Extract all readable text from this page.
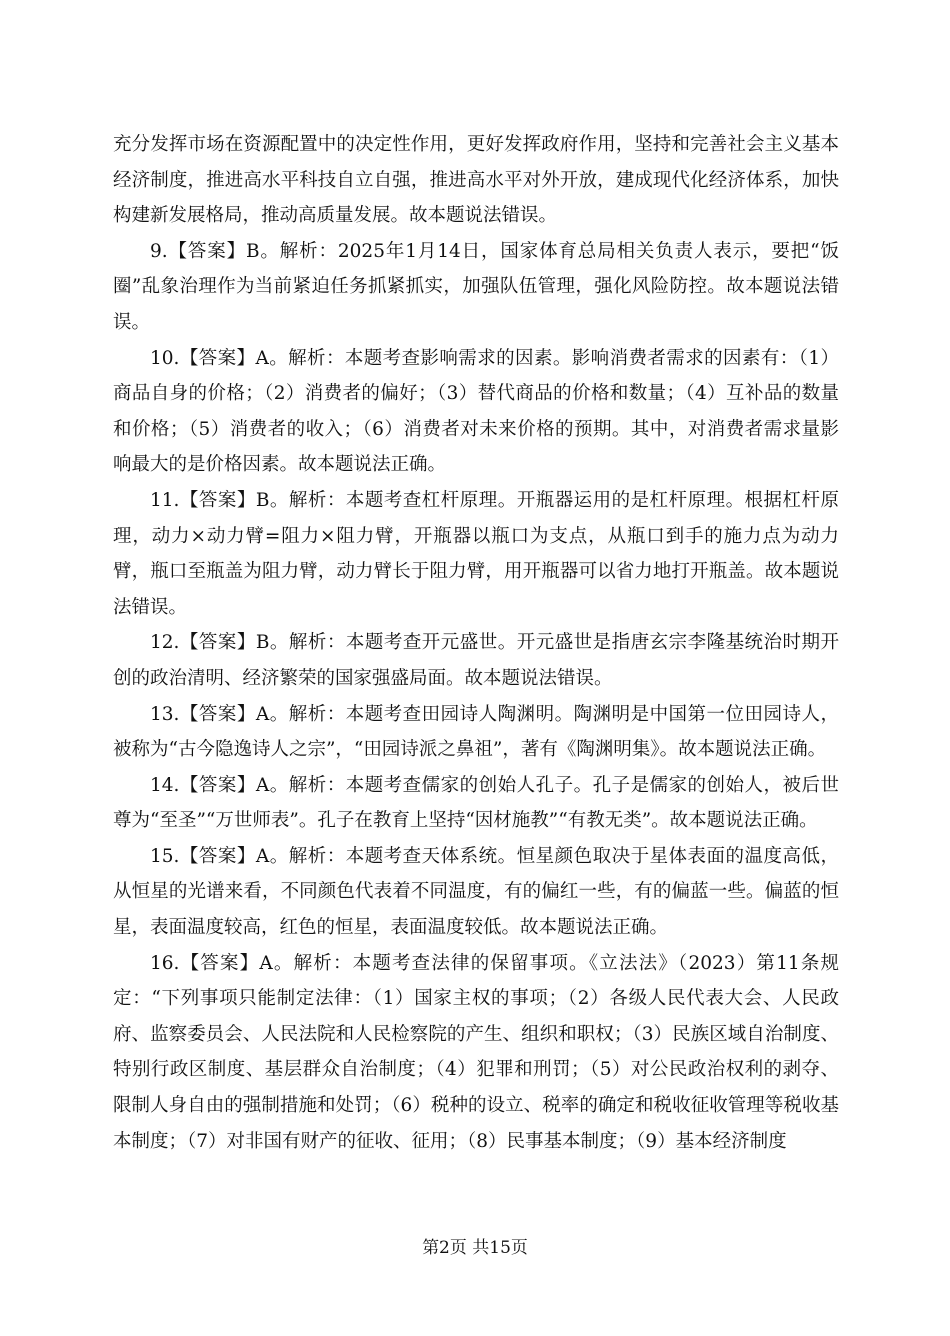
充分发挥市场在资源配置中的决定性作用，更好发挥政府作用，坚持和完善社会主义基本经济制度，推进高水平科技自立自强，推进高水平对外开放，建成现代化经济体系，加快构建新发展格局，推动高质量发展。故本题说法错误。

9.【答案】B。解析：2025年1月14日，国家体育总局相关负责人表示，要把“饭圈”乱象治理作为当前紧迫任务抓紧抓实，加强队伍管理，强化风险防控。故本题说法错误。

10.【答案】A。解析：本题考查影响需求的因素。影响消费者需求的因素有：（1）商品自身的价格；（2）消费者的偏好；（3）替代商品的价格和数量；（4）互补品的数量和价格；（5）消费者的收入；（6）消费者对未来价格的预期。其中，对消费者需求量影响最大的是价格因素。故本题说法正确。

11.【答案】B。解析：本题考查杠杆原理。开瓶器运用的是杠杆原理。根据杠杆原理，动力×动力臂=阻力×阻力臂，开瓶器以瓶口为支点，从瓶口到手的施力点为动力臂，瓶口至瓶盖为阻力臂，动力臂长于阻力臂，用开瓶器可以省力地打开瓶盖。故本题说法错误。

12.【答案】B。解析：本题考查开元盛世。开元盛世是指唐玄宗李隆基统治时期开创的政治清明、经济繁荣的国家强盛局面。故本题说法错误。

13.【答案】A。解析：本题考查田园诗人陶渊明。陶渊明是中国第一位田园诗人，被称为“古今隐逸诗人之宗”，“田园诗派之鼻祖”，著有《陶渊明集》。故本题说法正确。

14.【答案】A。解析：本题考查儒家的创始人孔子。孔子是儒家的创始人，被后世尊为“至圣”“万世师表”。孔子在教育上坚持“因材施教”“有教无类”。故本题说法正确。

15.【答案】A。解析：本题考查天体系统。恒星颜色取决于星体表面的温度高低，从恒星的光谱来看，不同颜色代表着不同温度，有的偏红一些，有的偏蓝一些。偏蓝的恒星，表面温度较高，红色的恒星，表面温度较低。故本题说法正确。

16.【答案】A。解析：本题考查法律的保留事项。《立法法》（2023）第11条规定：“下列事项只能制定法律：（1）国家主权的事项；（2）各级人民代表大会、人民政府、监察委员会、人民法院和人民检察院的产生、组织和职权；（3）民族区域自治制度、特别行政区制度、基层群众自治制度；（4）犯罪和刑罚；（5）对公民政治权利的剥夺、限制人身自由的强制措施和处罚；（6）税种的设立、税率的确定和税收征收管理等税收基本制度；（7）对非国有财产的征收、征用；（8）民事基本制度；（9）基本经济制度

第2页 共15页
